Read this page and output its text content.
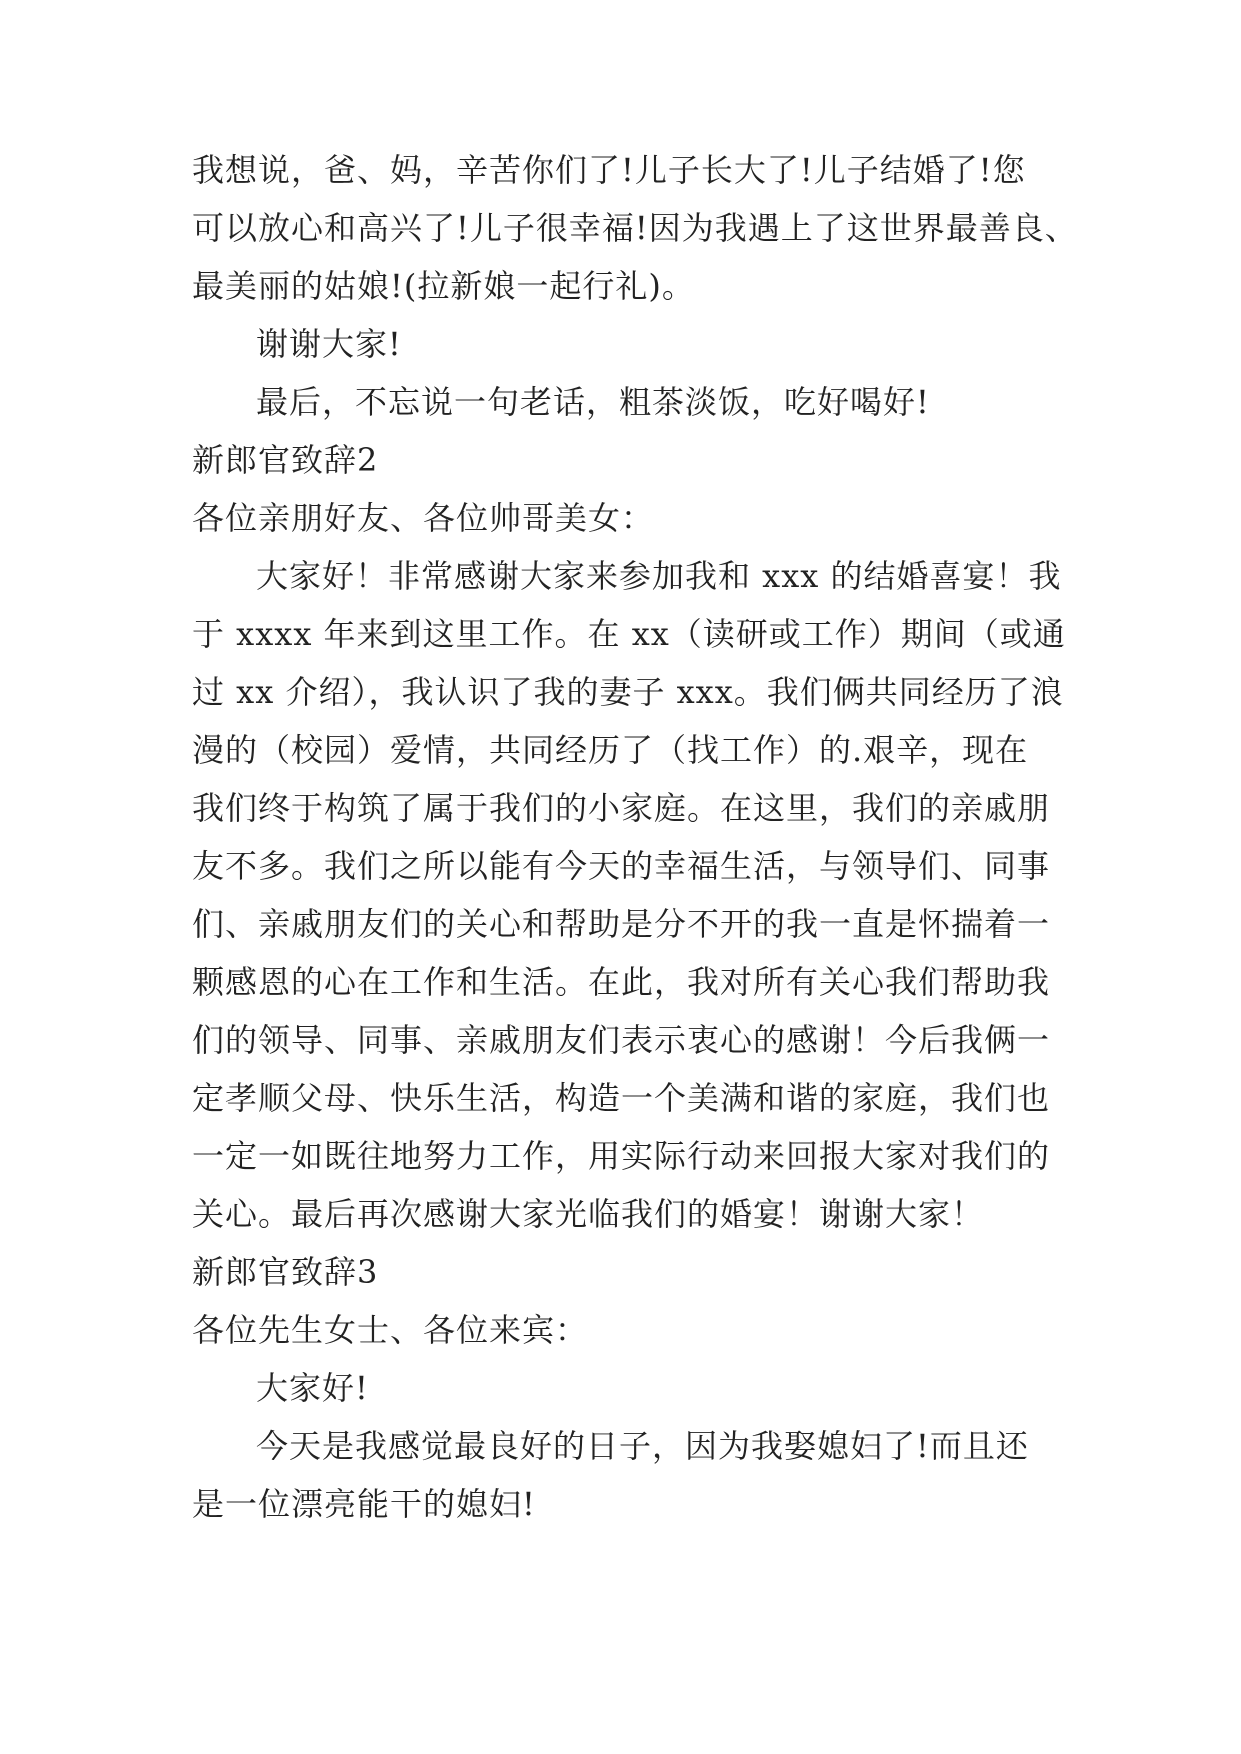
我想说，爸、妈，辛苦你们了!儿子长大了!儿子结婚了!您
可以放心和高兴了!儿子很幸福!因为我遇上了这世界最善良、
最美丽的姑娘!(拉新娘一起行礼)。
谢谢大家!
最后，不忘说一句老话，粗茶淡饭，吃好喝好!
新郎官致辞2
各位亲朋好友、各位帅哥美女：
大家好！非常感谢大家来参加我和 xxx 的结婚喜宴！我
于 xxxx 年来到这里工作。在 xx（读研或工作）期间（或通
过 xx 介绍），我认识了我的妻子 xxx。我们俩共同经历了浪
漫的（校园）爱情，共同经历了（找工作）的.艰辛，现在
我们终于构筑了属于我们的小家庭。在这里，我们的亲戚朋
友不多。我们之所以能有今天的幸福生活，与领导们、同事
们、亲戚朋友们的关心和帮助是分不开的我一直是怀揣着一
颗感恩的心在工作和生活。在此，我对所有关心我们帮助我
们的领导、同事、亲戚朋友们表示衷心的感谢！今后我俩一
定孝顺父母、快乐生活，构造一个美满和谐的家庭，我们也
一定一如既往地努力工作，用实际行动来回报大家对我们的
关心。最后再次感谢大家光临我们的婚宴！谢谢大家！
新郎官致辞3
各位先生女士、各位来宾：
大家好!
今天是我感觉最良好的日子，因为我娶媳妇了!而且还
是一位漂亮能干的媳妇!
